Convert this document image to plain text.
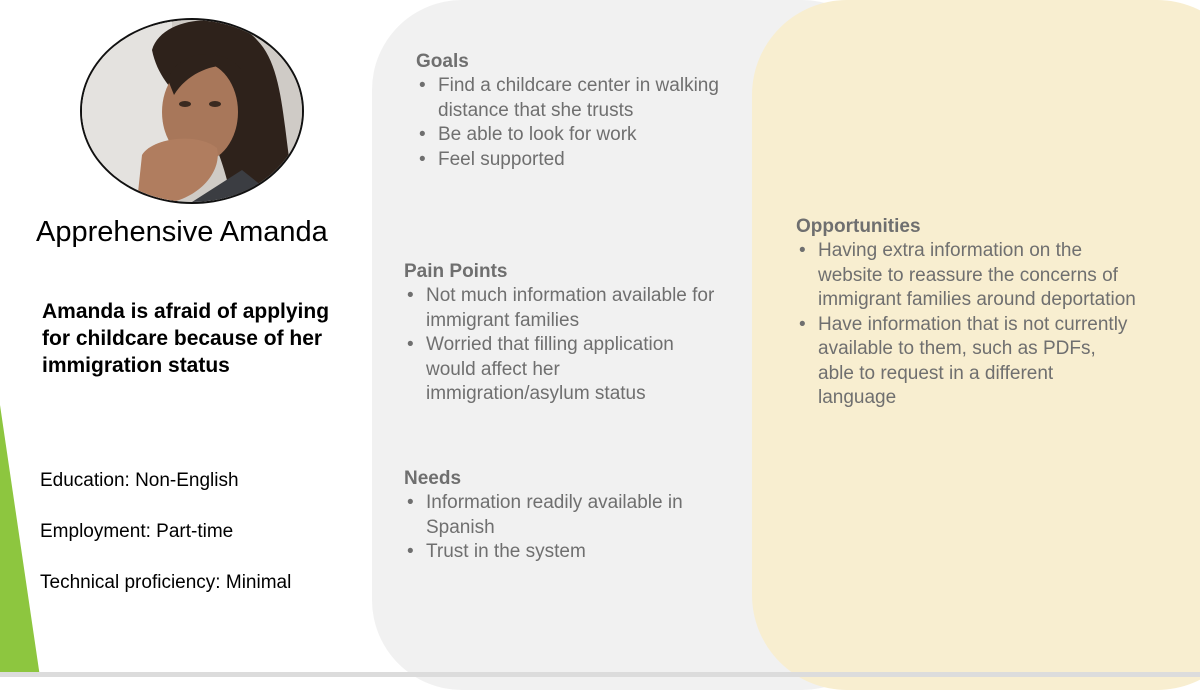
Apprehensive Amanda
Amanda is afraid of applying for childcare because of her immigration status
Education: Non-English
Employment: Part-time
Technical proficiency: Minimal
Goals
• Find a childcare center in walking distance that she trusts
• Be able to look for work
• Feel supported
Pain Points
• Not much information available for immigrant families
• Worried that filling application would affect her immigration/asylum status
Needs
• Information readily available in Spanish
• Trust in the system
Opportunities
• Having extra information on the website to reassure the concerns of immigrant families around deportation
• Have information that is not currently available to them, such as PDFs, able to request in a different language
